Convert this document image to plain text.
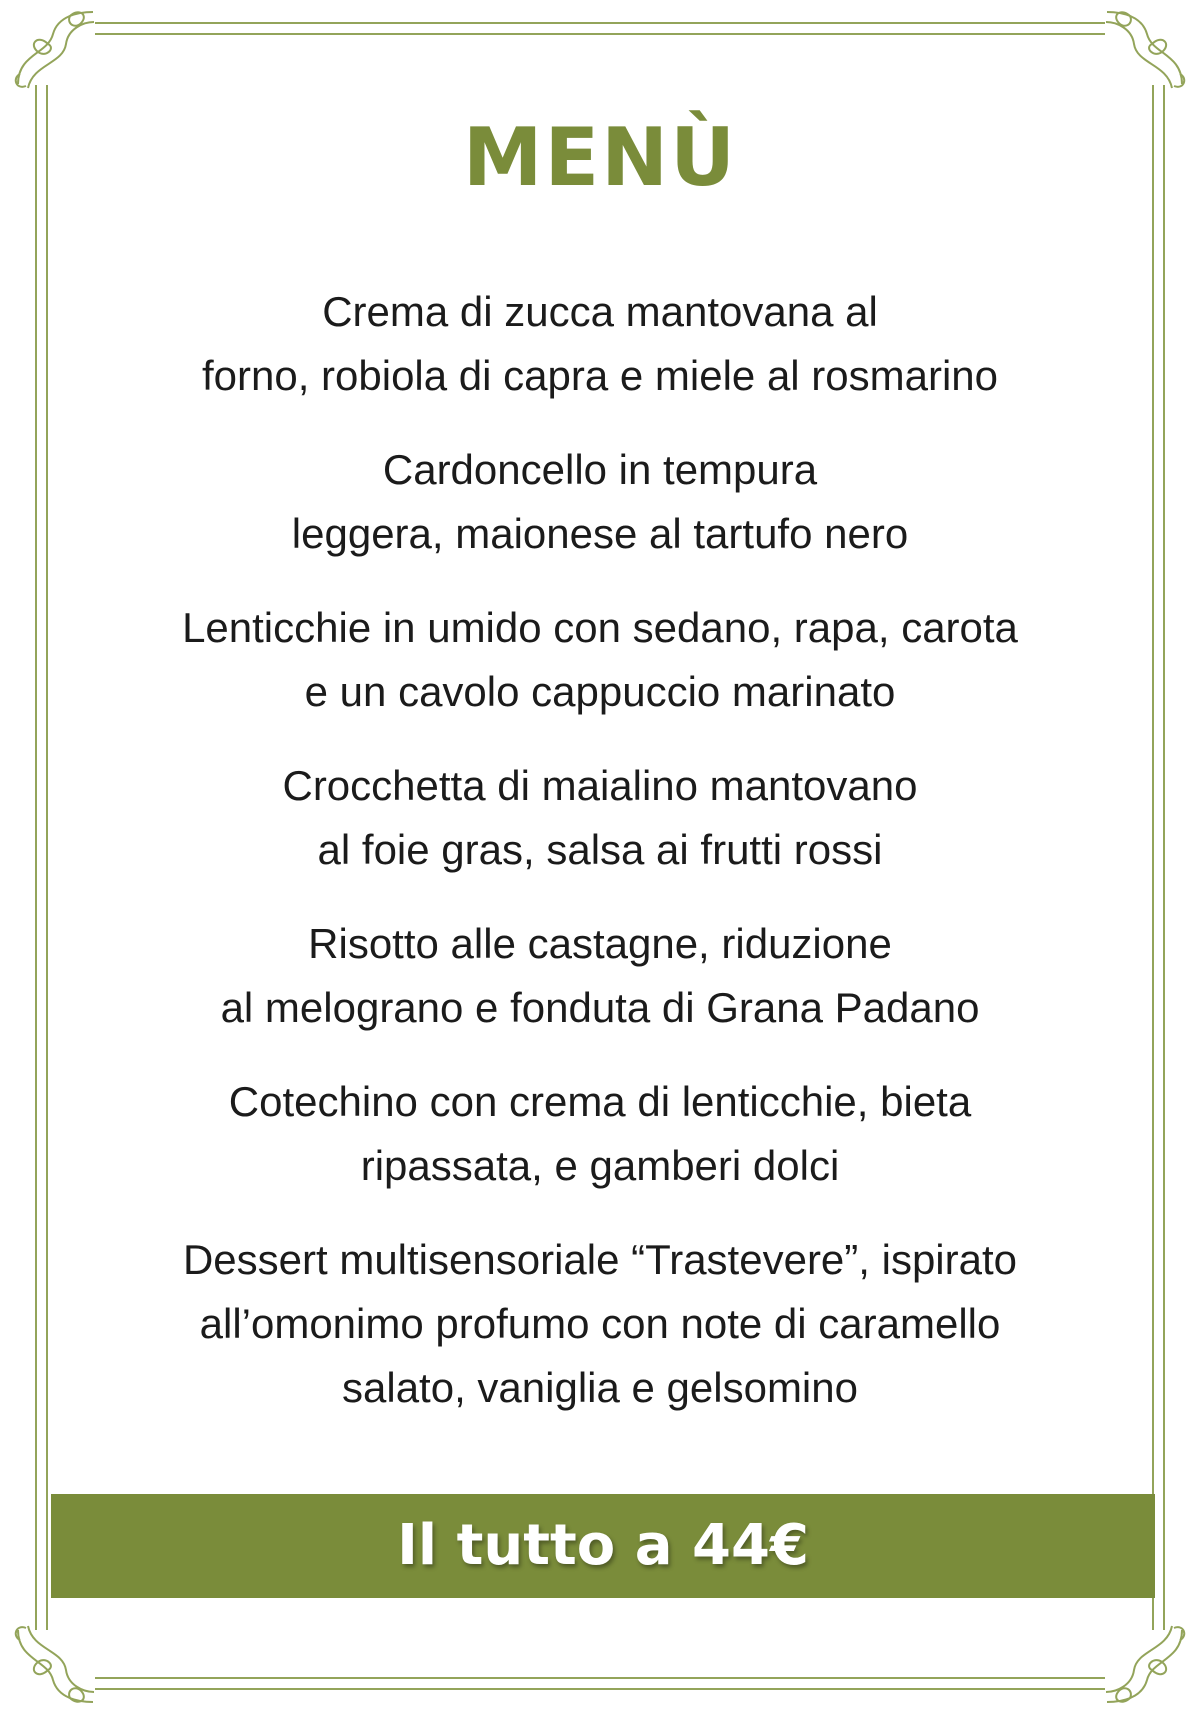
MENÙ
Crema di zucca mantovana al
forno, robiola di capra e miele al rosmarino
Cardoncello in tempura
leggera, maionese al tartufo nero
Lenticchie in umido con sedano, rapa, carota
e un cavolo cappuccio marinato
Crocchetta di maialino mantovano
al foie gras, salsa ai frutti rossi
Risotto alle castagne, riduzione
al melograno e fonduta di Grana Padano
Cotechino con crema di lenticchie, bieta
ripassata, e gamberi dolci
Dessert multisensoriale “Trastevere”, ispirato
all’omonimo profumo con note di caramello
salato, vaniglia e gelsomino
Il tutto a 44€
